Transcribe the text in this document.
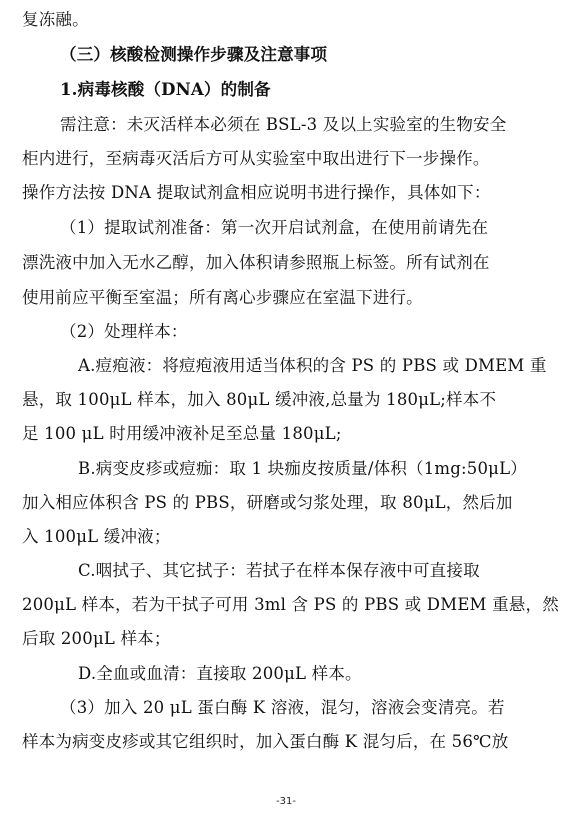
复冻融。
（三）核酸检测操作步骤及注意事项
1.病毒核酸（DNA）的制备
需注意：未灭活样本必须在 BSL-3 及以上实验室的生物安全
柜内进行，至病毒灭活后方可从实验室中取出进行下一步操作。
操作方法按 DNA 提取试剂盒相应说明书进行操作，具体如下：
（1）提取试剂准备：第一次开启试剂盒，在使用前请先在
漂洗液中加入无水乙醇，加入体积请参照瓶上标签。所有试剂在
使用前应平衡至室温；所有离心步骤应在室温下进行。
（2）处理样本：
A.痘疱液：将痘疱液用适当体积的含 PS 的 PBS 或 DMEM 重
悬，取 100μL 样本，加入 80μL 缓冲液,总量为 180μL;样本不
足 100 μL 时用缓冲液补足至总量 180μL;
B.病变皮疹或痘痂：取 1 块痂皮按质量/体积（1mg:50μL）
加入相应体积含 PS 的 PBS，研磨或匀浆处理，取 80μL，然后加
入 100μL 缓冲液；
C.咽拭子、其它拭子：若拭子在样本保存液中可直接取
200μL 样本，若为干拭子可用 3ml 含 PS 的 PBS 或 DMEM 重悬，然
后取 200μL 样本；
D.全血或血清：直接取 200μL 样本。
（3）加入 20 μL 蛋白酶 K 溶液，混匀，溶液会变清亮。若
样本为病变皮疹或其它组织时，加入蛋白酶 K 混匀后，在 56℃放
-31-
